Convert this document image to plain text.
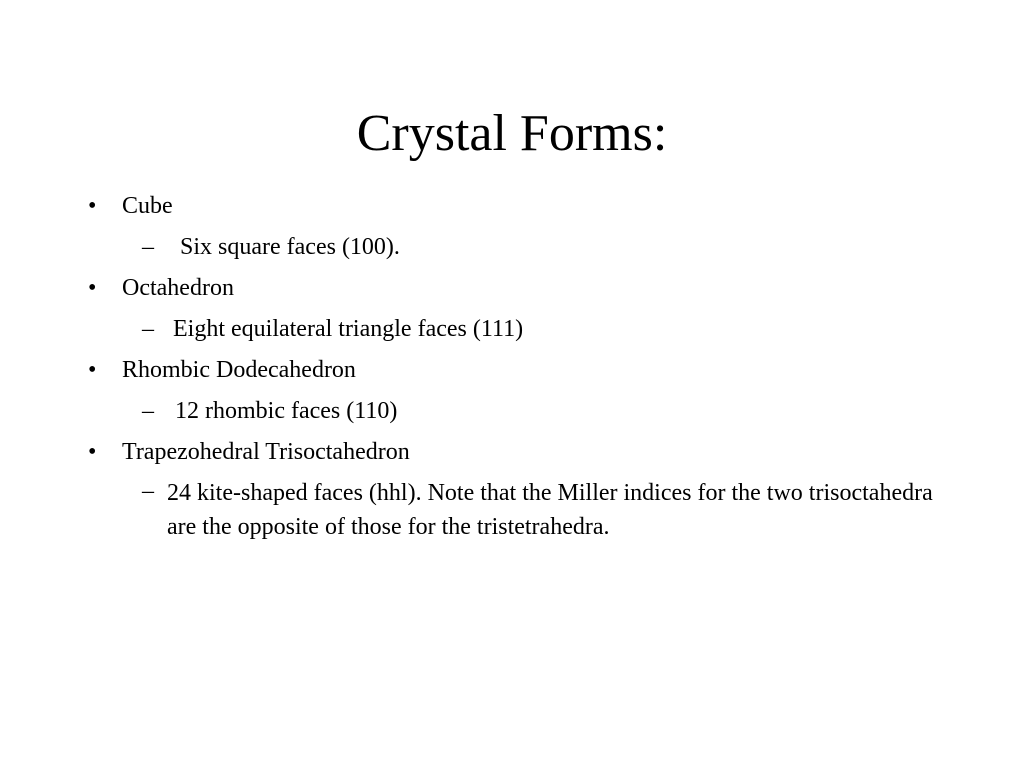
Crystal Forms:
• Cube
–	Six square faces (100).
• Octahedron
– Eight equilateral triangle faces (111)
• Rhombic Dodecahedron
– 12 rhombic faces (110)
• Trapezohedral Trisoctahedron
– 24 kite-shaped faces (hhl). Note that the Miller indices for the two trisoctahedra are the opposite of those for the tristetrahedra.
